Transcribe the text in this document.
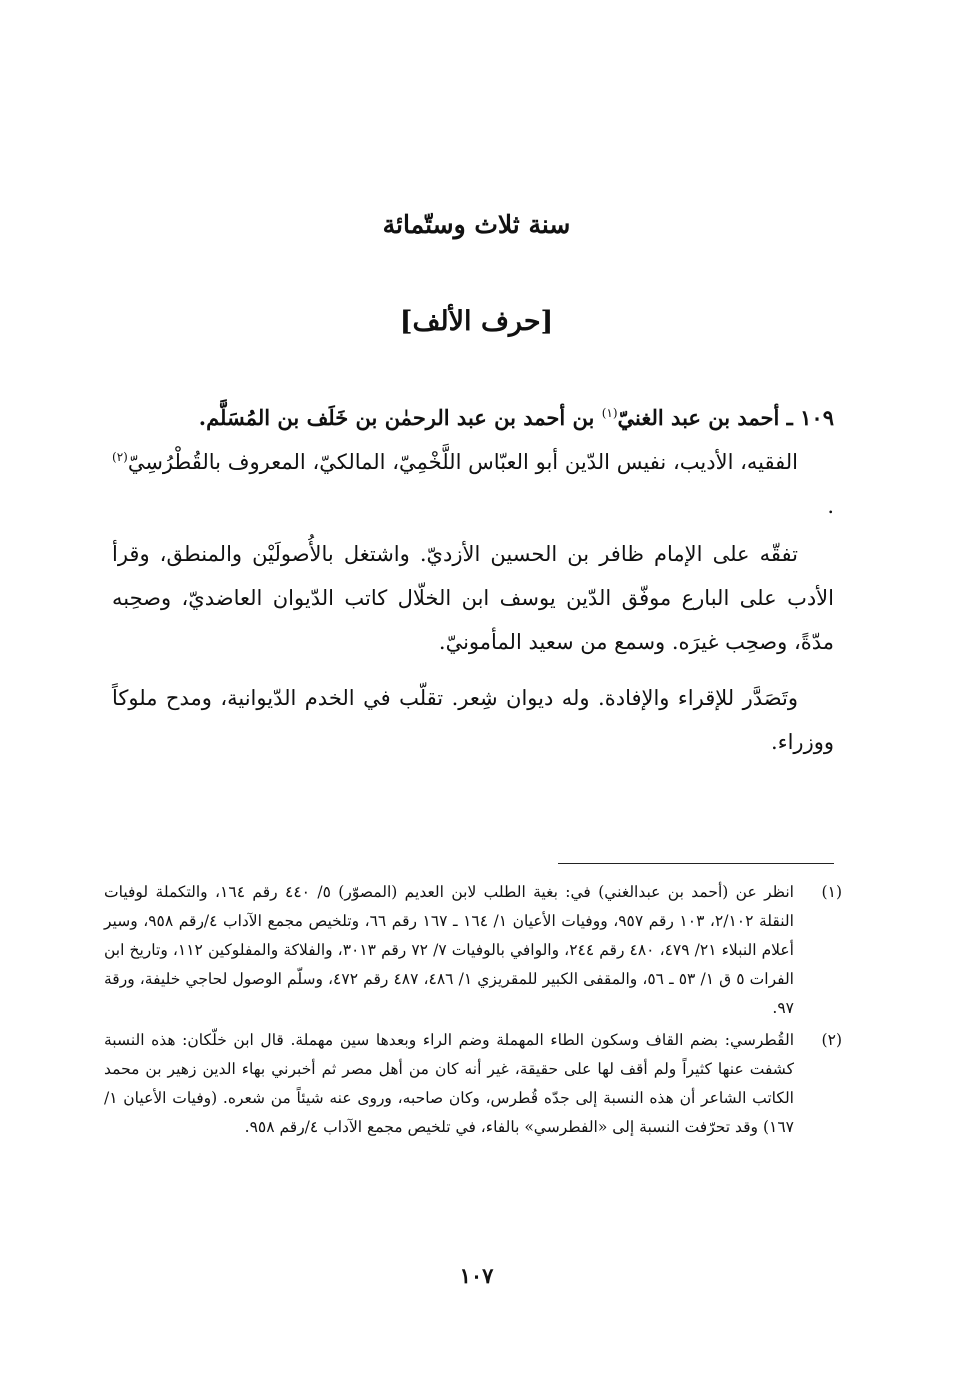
سنة ثلاث وستّمائة
[حرف الألف]

١٠٩ ـ أحمد بن عبد الغنيّ$^{(١)}$ بن أحمد بن عبد الرحمٰن بن خَلَف بن المُسَلَّم.

الفقيه، الأديب، نفيس الدّين أبو العبّاس اللَّخْمِيّ، المالكيّ، المعروف بالقُطْرُسِيّ$^{(٢)}$ .

تفقّه على الإمام ظافر بن الحسين الأزديّ. واشتغل بالأُصولَيْن والمنطق، وقرأ الأدب على البارع موفّق الدّين يوسف ابن الخلّال كاتب الدّيوان العاضديّ، وصحِبه مدّةً، وصحِب غيرَه. وسمع من سعيد المأمونيّ.

وتَصَدَّر للإقراء والإفادة. وله ديوان شِعر. تقلّب في الخدم الدّيوانية، ومدح ملوكاً ووزراء.

(١)
انظر عن (أحمد بن عبدالغني) في: بغية الطلب لابن العديم (المصوّر) ٥/ ٤٤٠ رقم ١٦٤، والتكملة لوفيات النقلة ٢/١٠٢، ١٠٣ رقم ٩٥٧، ووفيات الأعيان ١/ ١٦٤ ـ ١٦٧ رقم ٦٦، وتلخيص مجمع الآداب ٤/رقم ٩٥٨، وسير أعلام النبلاء ٢١/ ٤٧٩، ٤٨٠ رقم ٢٤٤، والوافي بالوفيات ٧/ ٧٢ رقم ٣٠١٣، والفلاكة والمفلوكين ١١٢، وتاريخ ابن الفرات ٥ ق ١/ ٥٣ ـ ٥٦، والمقفى الكبير للمقريزي ١/ ٤٨٦، ٤٨٧ رقم ٤٧٢، وسلّم الوصول لحاجي خليفة، ورقة ٩٧.
(٢)
القُطرسي: بضم القاف وسكون الطاء المهملة وضم الراء وبعدها سين مهملة. قال ابن خلّكان: هذه النسبة كشفت عنها كثيراً ولم أقف لها على حقيقة، غير أنه كان من أهل مصر ثم أخبرني بهاء الدين زهير بن محمد الكاتب الشاعر أن هذه النسبة إلى جدّه قُطرس، وكان صاحبه، وروى عنه شيئاً من شعره. (وفيات الأعيان ١/ ١٦٧) وقد تحرّفت النسبة إلى «الفطرسي» بالفاء، في تلخيص مجمع الآداب ٤/رقم ٩٥٨.
١٠٧
